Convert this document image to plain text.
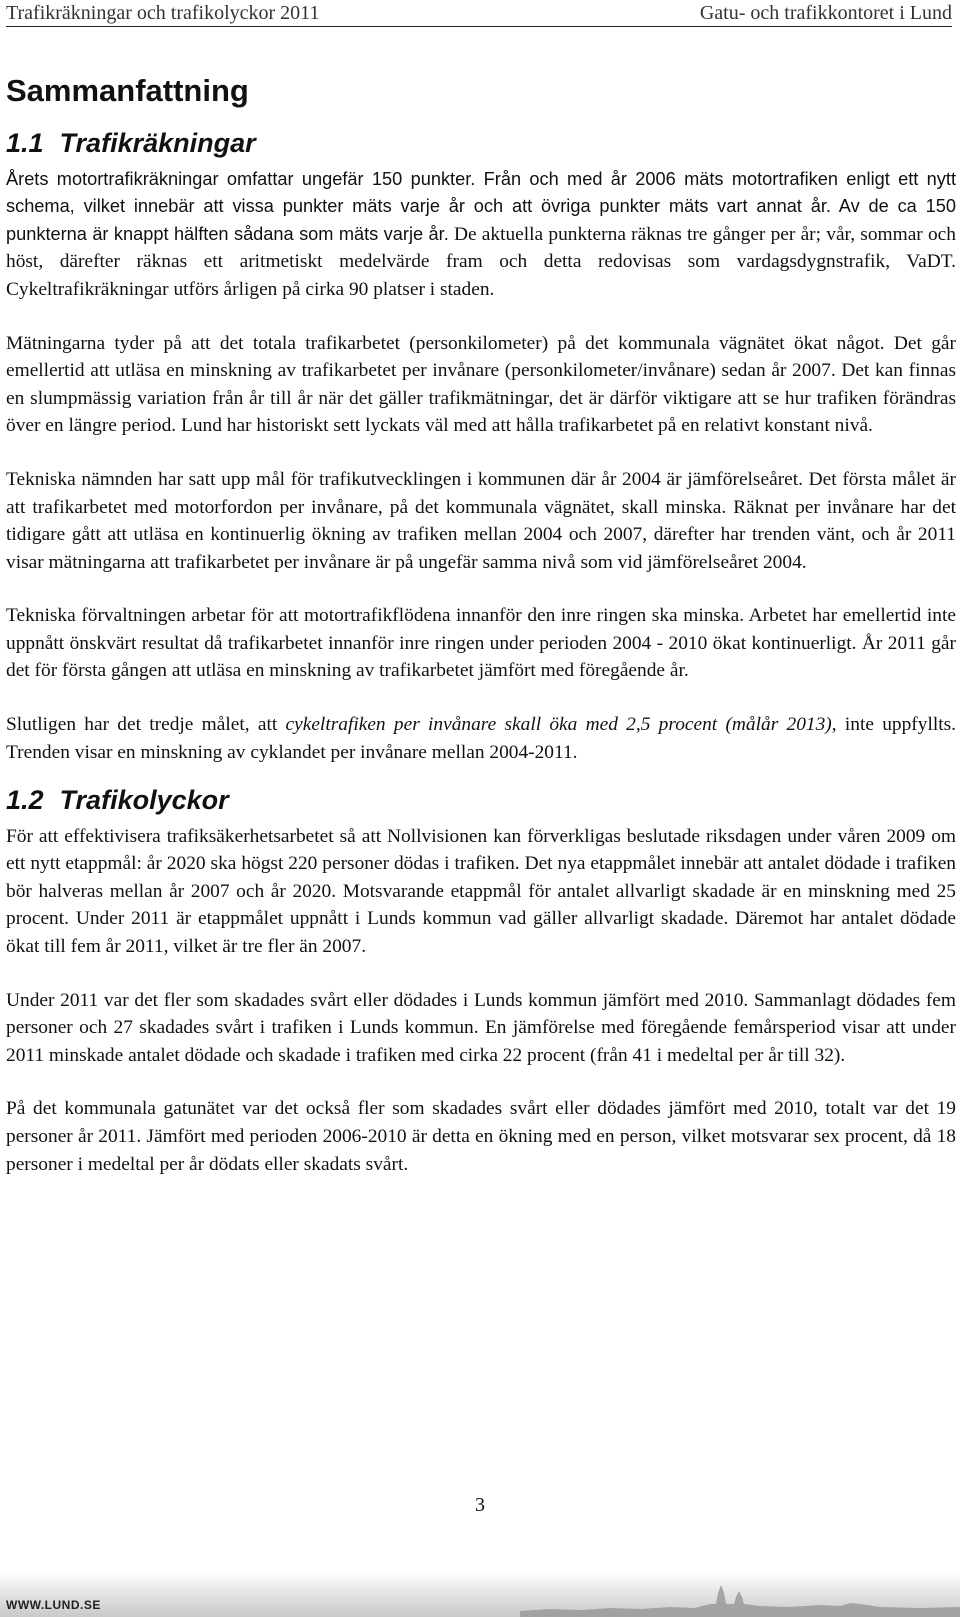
Trafikräkningar och trafikolyckor 2011	Gatu- och trafikkontoret i Lund
Sammanfattning
1.1 Trafikräkningar

Årets motortrafikräkningar omfattar ungefär 150 punkter. Från och med år 2006 mäts motortrafiken enligt ett nytt schema, vilket innebär att vissa punkter mäts varje år och att övriga punkter mäts vart annat år. Av de ca 150 punkterna är knappt hälften sådana som mäts varje år. De aktuella punkterna räknas tre gånger per år; vår, sommar och höst, därefter räknas ett aritmetiskt medelvärde fram och detta redovisas som vardagsdygnstrafik, VaDT. Cykeltrafikräkningar utförs årligen på cirka 90 platser i staden.

Mätningarna tyder på att det totala trafikarbetet (personkilometer) på det kommunala vägnätet ökat något. Det går emellertid att utläsa en minskning av trafikarbetet per invånare (personkilometer/invånare) sedan år 2007. Det kan finnas en slumpmässig variation från år till år när det gäller trafikmätningar, det är därför viktigare att se hur trafiken förändras över en längre period. Lund har historiskt sett lyckats väl med att hålla trafikarbetet på en relativt konstant nivå.

Tekniska nämnden har satt upp mål för trafikutvecklingen i kommunen där år 2004 är jämförelseåret. Det första målet är att trafikarbetet med motorfordon per invånare, på det kommunala vägnätet, skall minska. Räknat per invånare har det tidigare gått att utläsa en kontinuerlig ökning av trafiken mellan 2004 och 2007, därefter har trenden vänt, och år 2011 visar mätningarna att trafikarbetet per invånare är på ungefär samma nivå som vid jämförelseåret 2004.

Tekniska förvaltningen arbetar för att motortrafikflödena innanför den inre ringen ska minska. Arbetet har emellertid inte uppnått önskvärt resultat då trafikarbetet innanför inre ringen under perioden 2004 - 2010 ökat kontinuerligt. År 2011 går det för första gången att utläsa en minskning av trafikarbetet jämfört med föregående år.

Slutligen har det tredje målet, att cykeltrafiken per invånare skall öka med 2,5 procent (målår 2013), inte uppfyllts. Trenden visar en minskning av cyklandet per invånare mellan 2004-2011.

1.2 Trafikolyckor

För att effektivisera trafiksäkerhetsarbetet så att Nollvisionen kan förverkligas beslutade riksdagen under våren 2009 om ett nytt etappmål: år 2020 ska högst 220 personer dödas i trafiken. Det nya etappmålet innebär att antalet dödade i trafiken bör halveras mellan år 2007 och år 2020. Motsvarande etappmål för antalet allvarligt skadade är en minskning med 25 procent. Under 2011 är etappmålet uppnått i Lunds kommun vad gäller allvarligt skadade. Däremot har antalet dödade ökat till fem år 2011, vilket är tre fler än 2007.

Under 2011 var det fler som skadades svårt eller dödades i Lunds kommun jämfört med 2010. Sammanlagt dödades fem personer och 27 skadades svårt i trafiken i Lunds kommun. En jämförelse med föregående femårsperiod visar att under 2011 minskade antalet dödade och skadade i trafiken med cirka 22 procent (från 41 i medeltal per år till 32).

På det kommunala gatunätet var det också fler som skadades svårt eller dödades jämfört med 2010, totalt var det 19 personer år 2011. Jämfört med perioden 2006-2010 är detta en ökning med en person, vilket motsvarar sex procent, då 18 personer i medeltal per år dödats eller skadats svårt.

3
WWW.LUND.SE
